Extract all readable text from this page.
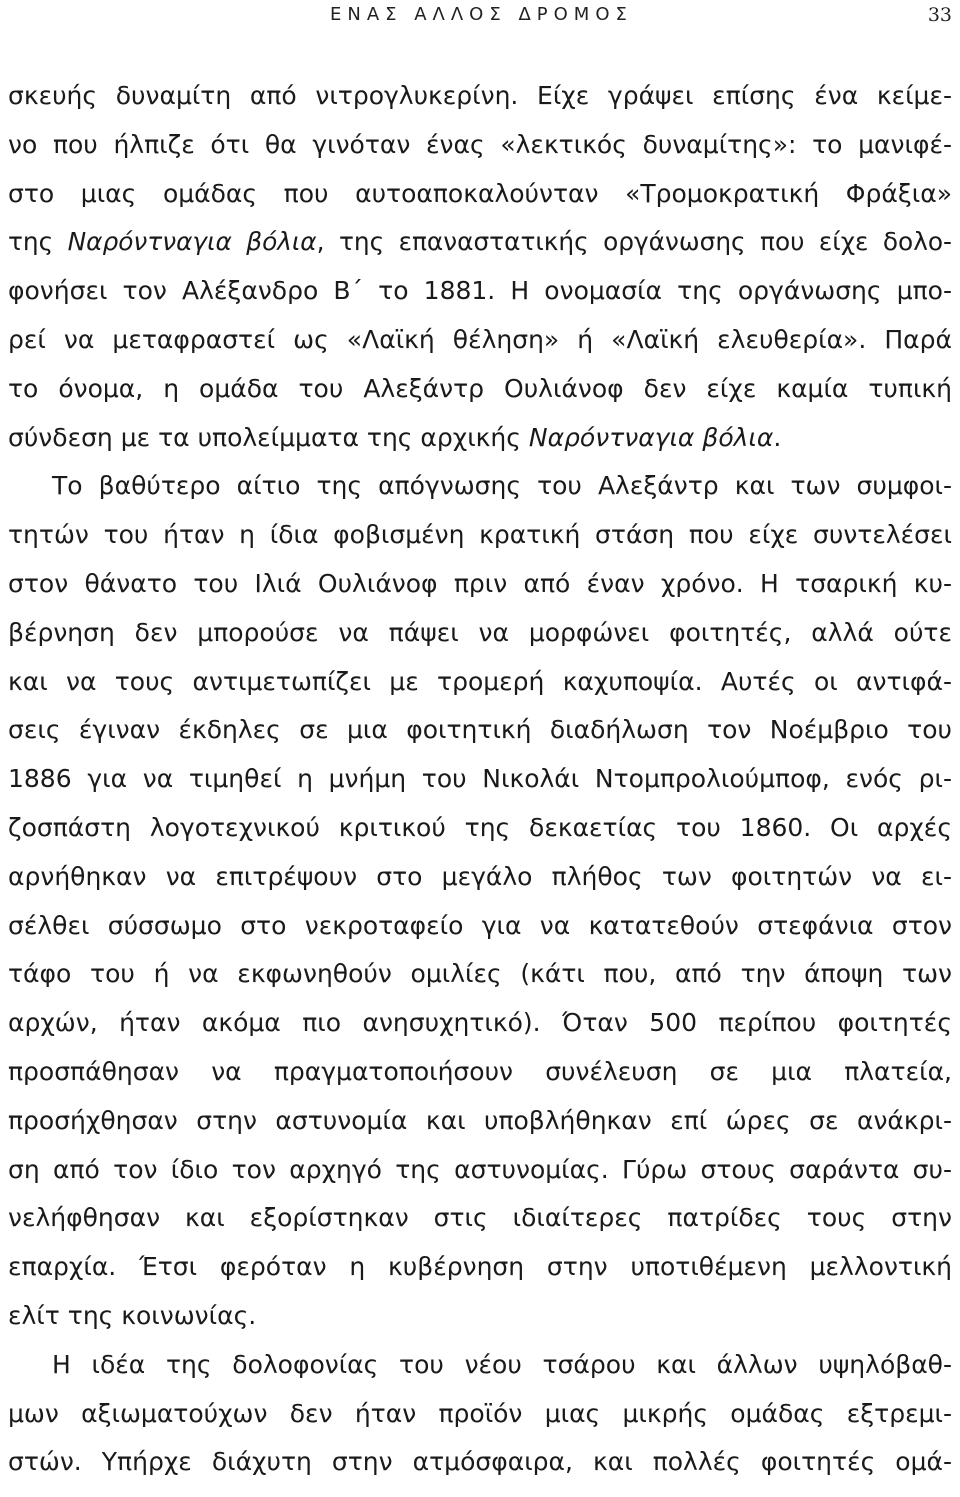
ΕΝΑΣ ΑΛΛΟΣ ΔΡΟΜΟΣ	33
σκευής δυναμίτη από νιτρογλυκερίνη. Είχε γράψει επίσης ένα κείμε-
νο που ήλπιζε ότι θα γινόταν ένας «λεκτικός δυναμίτης»: το μανιφέ-
στο μιας ομάδας που αυτοαποκαλούνταν «Τρομοκρατική Φράξια»
της Ναρόντναγια βόλια, της επαναστατικής οργάνωσης που είχε δολο-
φονήσει τον Αλέξανδρο Β΄ το 1881. Η ονομασία της οργάνωσης μπο-
ρεί να μεταφραστεί ως «Λαϊκή θέληση» ή «Λαϊκή ελευθερία». Παρά
το όνομα, η ομάδα του Αλεξάντρ Ουλιάνοφ δεν είχε καμία τυπική
σύνδεση με τα υπολείμματα της αρχικής Ναρόντναγια βόλια.
Το βαθύτερο αίτιο της απόγνωσης του Αλεξάντρ και των συμφοι-
τητών του ήταν η ίδια φοβισμένη κρατική στάση που είχε συντελέσει
στον θάνατο του Ιλιά Ουλιάνοφ πριν από έναν χρόνο. Η τσαρική κυ-
βέρνηση δεν μπορούσε να πάψει να μορφώνει φοιτητές, αλλά ούτε
και να τους αντιμετωπίζει με τρομερή καχυποψία. Αυτές οι αντιφά-
σεις έγιναν έκδηλες σε μια φοιτητική διαδήλωση τον Νοέμβριο του
1886 για να τιμηθεί η μνήμη του Νικολάι Ντομπρολιούμποφ, ενός ρι-
ζοσπάστη λογοτεχνικού κριτικού της δεκαετίας του 1860. Οι αρχές
αρνήθηκαν να επιτρέψουν στο μεγάλο πλήθος των φοιτητών να ει-
σέλθει σύσσωμο στο νεκροταφείο για να κατατεθούν στεφάνια στον
τάφο του ή να εκφωνηθούν ομιλίες (κάτι που, από την άποψη των
αρχών, ήταν ακόμα πιο ανησυχητικό). Όταν 500 περίπου φοιτητές
προσπάθησαν να πραγματοποιήσουν συνέλευση σε μια πλατεία,
προσήχθησαν στην αστυνομία και υποβλήθηκαν επί ώρες σε ανάκρι-
ση από τον ίδιο τον αρχηγό της αστυνομίας. Γύρω στους σαράντα συ-
νελήφθησαν και εξορίστηκαν στις ιδιαίτερες πατρίδες τους στην
επαρχία. Έτσι φερόταν η κυβέρνηση στην υποτιθέμενη μελλοντική
ελίτ της κοινωνίας.
Η ιδέα της δολοφονίας του νέου τσάρου και άλλων υψηλόβαθ-
μων αξιωματούχων δεν ήταν προϊόν μιας μικρής ομάδας εξτρεμι-
στών. Υπήρχε διάχυτη στην ατμόσφαιρα, και πολλές φοιτητές ομά-
